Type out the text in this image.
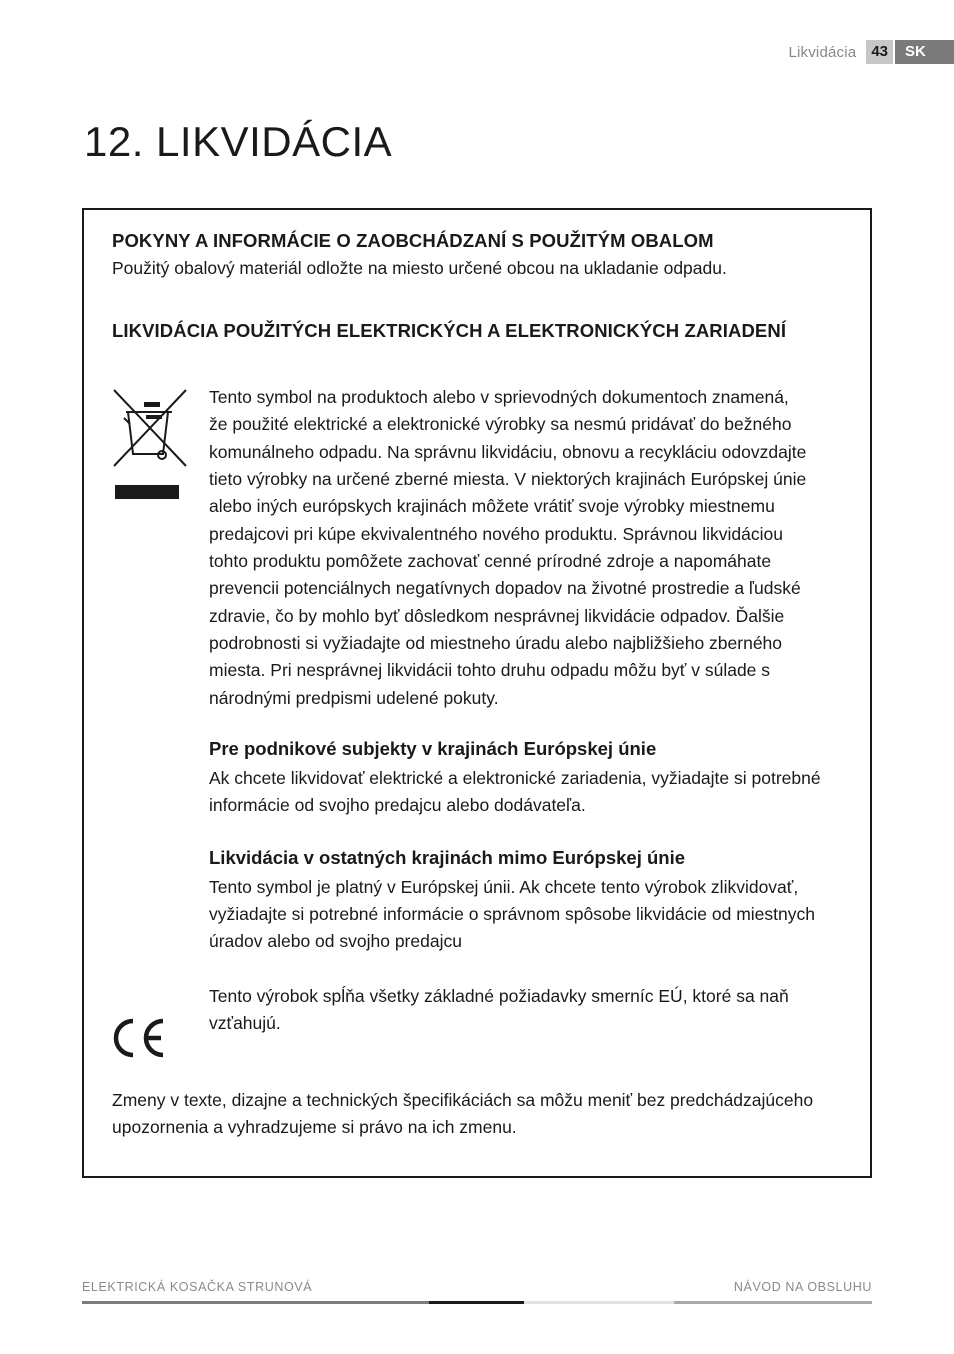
Likvidácia	43	SK
12. LIKVIDÁCIA
POKYNY A INFORMÁCIE O ZAOBCHÁDZANÍ S POUŽITÝM OBALOM

Použitý obalový materiál odložte na miesto určené obcou na ukladanie odpadu.

LIKVIDÁCIA POUŽITÝCH ELEKTRICKÝCH A ELEKTRONICKÝCH ZARIADENÍ

Tento symbol na produktoch alebo v sprievodných dokumentoch znamená,

že použité elektrické a elektronické výrobky sa nesmú pridávať do bežného

komunálneho odpadu. Na správnu likvidáciu, obnovu a recykláciu odovzdajte

tieto výrobky na určené zberné miesta. V niektorých krajinách Európskej únie

alebo iných európskych krajinách môžete vrátiť svoje výrobky miestnemu

predajcovi pri kúpe ekvivalentného nového produktu. Správnou likvidáciou

tohto produktu pomôžete zachovať cenné prírodné zdroje a napomáhate

prevencii potenciálnych negatívnych dopadov na životné prostredie a ľudské

zdravie, čo by mohlo byť dôsledkom nesprávnej likvidácie odpadov. Ďalšie

podrobnosti si vyžiadajte od miestneho úradu alebo najbližšieho zberného

miesta. Pri nesprávnej likvidácii tohto druhu odpadu môžu byť v súlade s

národnými predpismi udelené pokuty.

Pre podnikové subjekty v krajinách Európskej únie

Ak chcete likvidovať elektrické a elektronické zariadenia, vyžiadajte si potrebné

informácie od svojho predajcu alebo dodávateľa.

Likvidácia v ostatných krajinách mimo Európskej únie

Tento symbol je platný v Európskej únii. Ak chcete tento výrobok zlikvidovať,

vyžiadajte si potrebné informácie o správnom spôsobe likvidácie od miestnych

úradov alebo od svojho predajcu

Tento výrobok spĺňa všetky základné požiadavky smerníc EÚ, ktoré sa naň

vzťahujú.

Zmeny v texte, dizajne a technických špecifikáciách sa môžu meniť bez predchádzajúceho

upozornenia a vyhradzujeme si právo na ich zmenu.

ELEKTRICKÁ KOSAČKA STRUNOVÁ	NÁVOD NA OBSLUHU
